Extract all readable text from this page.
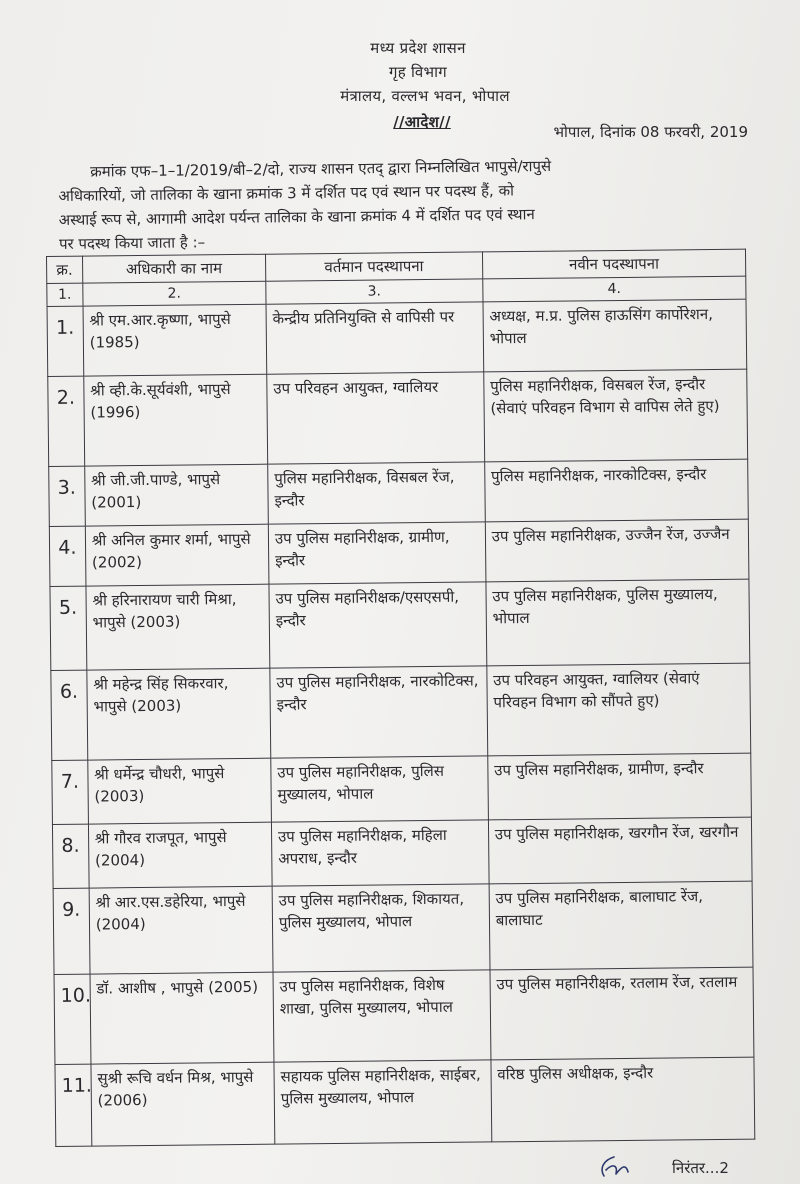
मध्य प्रदेश शासन
गृह विभाग
मंत्रालय, वल्लभ भवन, भोपाल
//आदेश//
भोपाल, दिनांक 08 फरवरी, 2019
क्रमांक एफ–1–1/2019/बी–2/दो, राज्य शासन एतद् द्वारा निम्नलिखित भापुसे/रापुसे
अधिकारियों, जो तालिका के खाना क्रमांक 3 में दर्शित पद एवं स्थान पर पदस्थ हैं, को
अस्थाई रूप से, आगामी आदेश पर्यन्त तालिका के खाना क्रमांक 4 में दर्शित पद एवं स्थान
पर पदस्थ किया जाता है :–
क्र.	अधिकारी का नाम	वर्तमान पदस्थापना	नवीन पदस्थापना
1.	2.	3.	4.
1.	श्री एम.आर.कृष्णा, भापुसे (1985)	केन्द्रीय प्रतिनियुक्ति से वापिसी पर	अध्यक्ष, म.प्र. पुलिस हाऊसिंग कार्पोरेशन, भोपाल
2.	श्री व्ही.के.सूर्यवंशी, भापुसे (1996)	उप परिवहन आयुक्त, ग्वालियर	पुलिस महानिरीक्षक, विसबल रेंज, इन्दौर (सेवाएं परिवहन विभाग से वापिस लेते हुए)
3.	श्री जी.जी.पाण्डे, भापुसे (2001)	पुलिस महानिरीक्षक, विसबल रेंज, इन्दौर	पुलिस महानिरीक्षक, नारकोटिक्स, इन्दौर
4.	श्री अनिल कुमार शर्मा, भापुसे (2002)	उप पुलिस महानिरीक्षक, ग्रामीण, इन्दौर	उप पुलिस महानिरीक्षक, उज्जैन रेंज, उज्जैन
5.	श्री हरिनारायण चारी मिश्रा, भापुसे (2003)	उप पुलिस महानिरीक्षक/एसएसपी, इन्दौर	उप पुलिस महानिरीक्षक, पुलिस मुख्यालय, भोपाल
6.	श्री महेन्द्र सिंह सिकरवार, भापुसे (2003)	उप पुलिस महानिरीक्षक, नारकोटिक्स, इन्दौर	उप परिवहन आयुक्त, ग्वालियर (सेवाएं परिवहन विभाग को सौंपते हुए)
7.	श्री धर्मेन्द्र चौधरी, भापुसे (2003)	उप पुलिस महानिरीक्षक, पुलिस मुख्यालय, भोपाल	उप पुलिस महानिरीक्षक, ग्रामीण, इन्दौर
8.	श्री गौरव राजपूत, भापुसे (2004)	उप पुलिस महानिरीक्षक, महिला अपराध, इन्दौर	उप पुलिस महानिरीक्षक, खरगौन रेंज, खरगौन
9.	श्री आर.एस.डहेरिया, भापुसे (2004)	उप पुलिस महानिरीक्षक, शिकायत, पुलिस मुख्यालय, भोपाल	उप पुलिस महानिरीक्षक, बालाघाट रेंज, बालाघाट
10.	डॉ. आशीष , भापुसे (2005)	उप पुलिस महानिरीक्षक, विशेष शाखा, पुलिस मुख्यालय, भोपाल	उप पुलिस महानिरीक्षक, रतलाम रेंज, रतलाम
11.	सुश्री रूचि वर्धन मिश्र, भापुसे (2006)	सहायक पुलिस महानिरीक्षक, साईबर, पुलिस मुख्यालय, भोपाल	वरिष्ठ पुलिस अधीक्षक, इन्दौर
निरंतर...2
